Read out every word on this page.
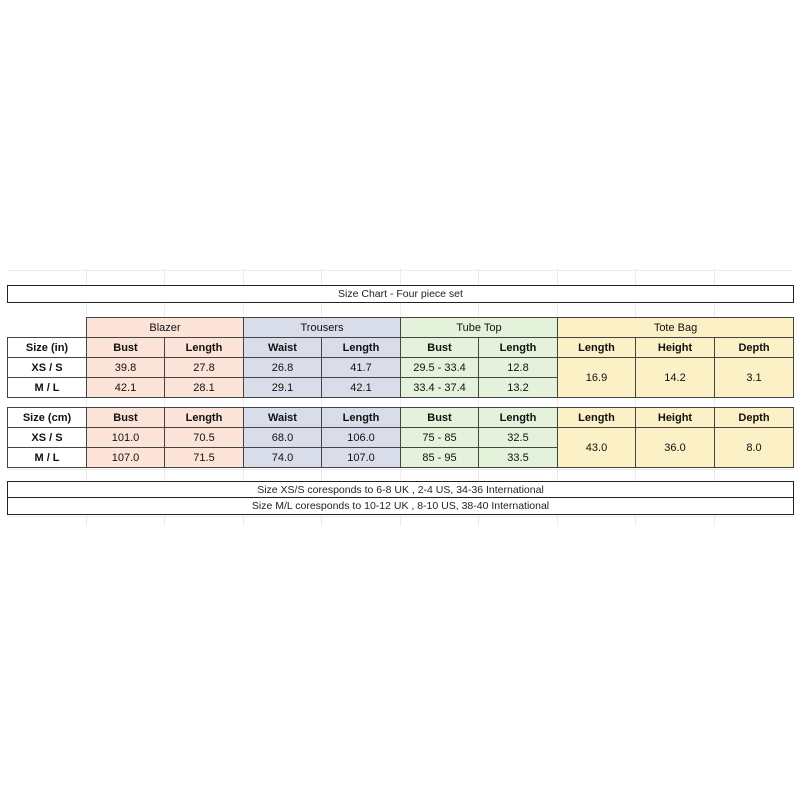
Size Chart - Four piece set
	Blazer		Trousers		Tube Top		Tote Bag		
Size (in)	Bust	Length	Waist	Length	Bust	Length	Length	Height	Depth
XS / S	39.8	27.8	26.8	41.7	29.5 - 33.4	12.8	16.9	14.2	3.1
M / L	42.1	28.1	29.1	42.1	33.4 - 37.4	13.2			
Size (cm)	Bust	Length	Waist	Length	Bust	Length	Length	Height	Depth
XS / S	101.0	70.5	68.0	106.0	75 - 85	32.5	43.0	36.0	8.0
M / L	107.0	71.5	74.0	107.0	85 - 95	33.5			
Size XS/S coresponds to 6-8 UK , 2-4 US, 34-36 International
Size M/L coresponds to 10-12 UK , 8-10 US, 38-40 International
